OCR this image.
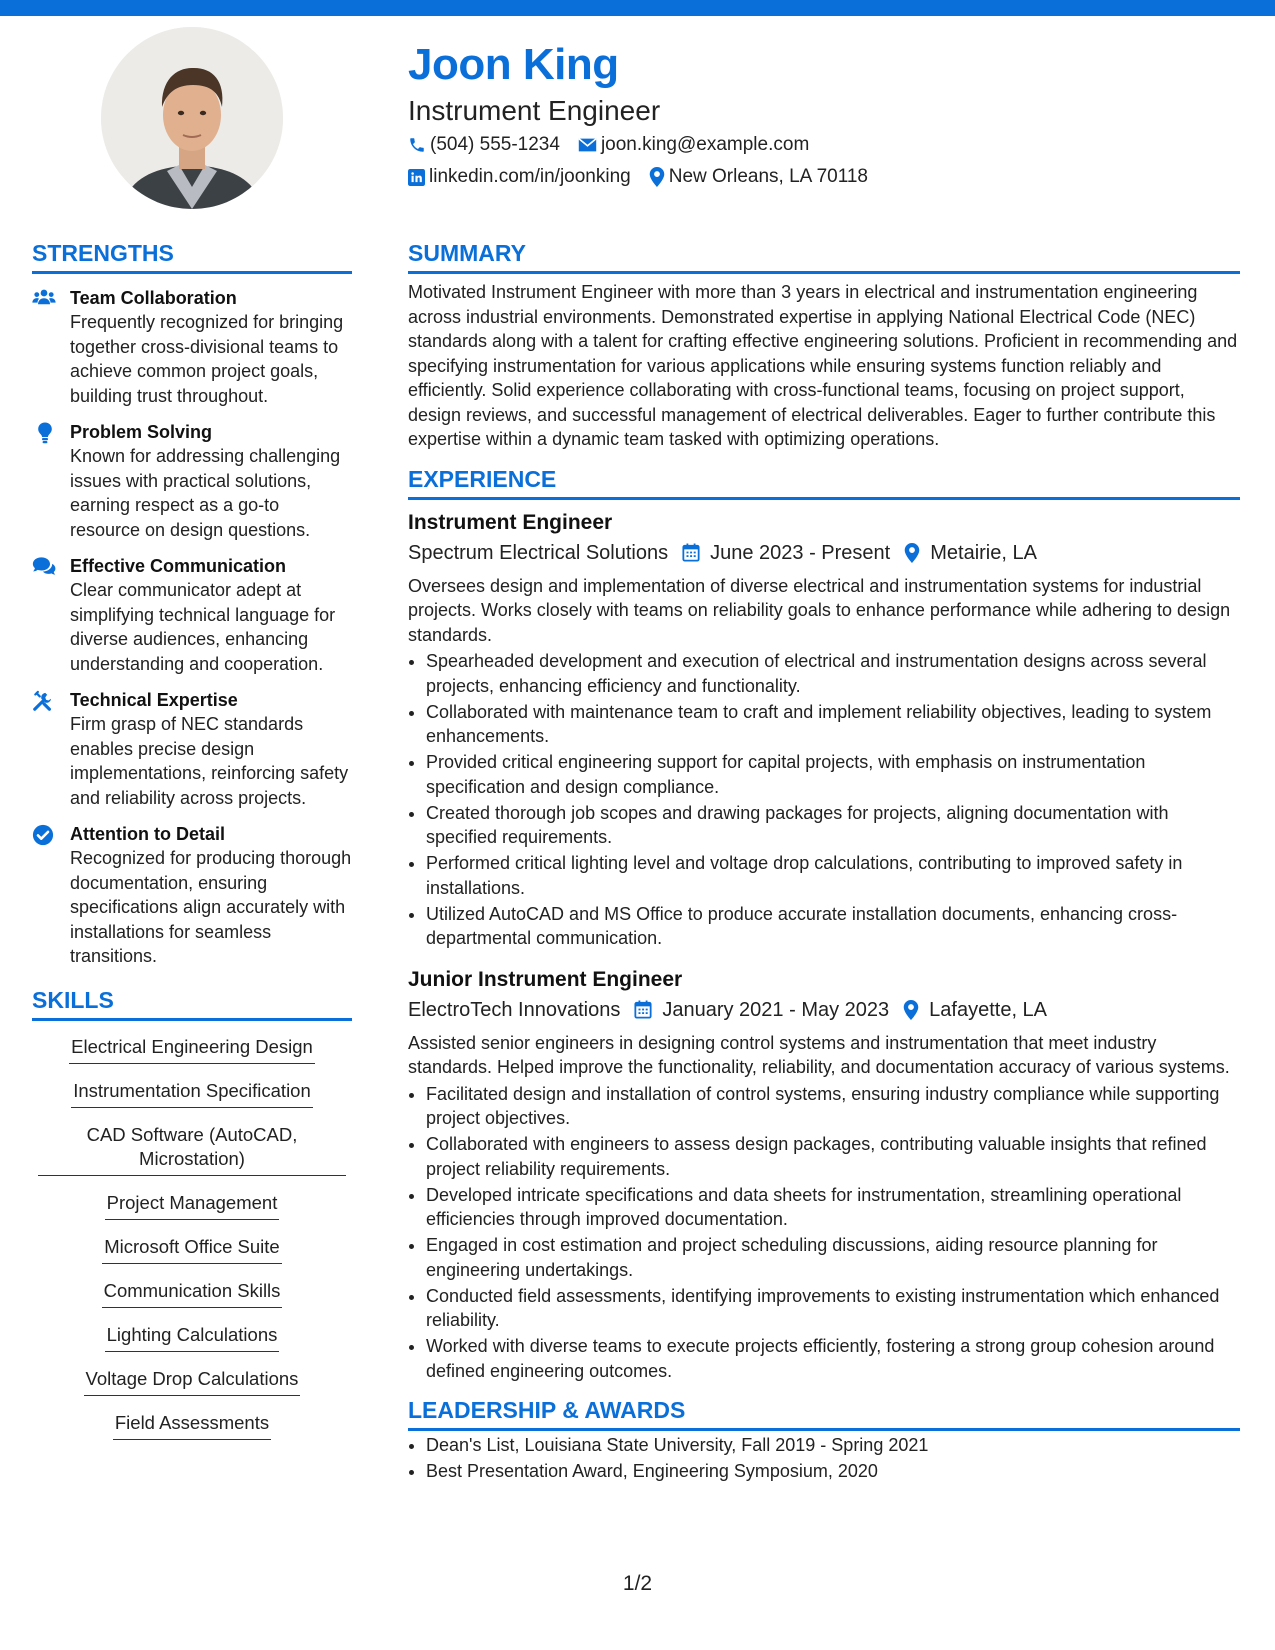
Joon King
Instrument Engineer
(504) 555-1234 joon.king@example.com
linkedin.com/in/joonking New Orleans, LA 70118
STRENGTHS
Team Collaboration
Frequently recognized for bringing together cross-divisional teams to achieve common project goals, building trust throughout.
Problem Solving
Known for addressing challenging issues with practical solutions, earning respect as a go-to resource on design questions.
Effective Communication
Clear communicator adept at simplifying technical language for diverse audiences, enhancing understanding and cooperation.
Technical Expertise
Firm grasp of NEC standards enables precise design implementations, reinforcing safety and reliability across projects.
Attention to Detail
Recognized for producing thorough documentation, ensuring specifications align accurately with installations for seamless transitions.
SKILLS
Electrical Engineering Design
Instrumentation Specification

CAD Software (AutoCAD, Microstation)
Project Management
Microsoft Office Suite
Communication Skills
Lighting Calculations
Voltage Drop Calculations
Field Assessments
SUMMARY

Motivated Instrument Engineer with more than 3 years in electrical and instrumentation engineering across industrial environments. Demonstrated expertise in applying National Electrical Code (NEC) standards along with a talent for crafting effective engineering solutions. Proficient in recommending and specifying instrumentation for various applications while ensuring systems function reliably and efficiently. Solid experience collaborating with cross-functional teams, focusing on project support, design reviews, and successful management of electrical deliverables. Eager to further contribute this expertise within a dynamic team tasked with optimizing operations.

EXPERIENCE
Instrument Engineer
Spectrum Electrical Solutions June 2023 - Present Metairie, LA

Oversees design and implementation of diverse electrical and instrumentation systems for industrial projects. Works closely with teams on reliability goals to enhance performance while adhering to design standards.

• Spearheaded development and execution of electrical and instrumentation designs across several projects, enhancing efficiency and functionality.
• Collaborated with maintenance team to craft and implement reliability objectives, leading to system enhancements.
• Provided critical engineering support for capital projects, with emphasis on instrumentation specification and design compliance.
• Created thorough job scopes and drawing packages for projects, aligning documentation with specified requirements.
• Performed critical lighting level and voltage drop calculations, contributing to improved safety in installations.
• Utilized AutoCAD and MS Office to produce accurate installation documents, enhancing cross-departmental communication.
Junior Instrument Engineer
ElectroTech Innovations January 2021 - May 2023 Lafayette, LA

Assisted senior engineers in designing control systems and instrumentation that meet industry standards. Helped improve the functionality, reliability, and documentation accuracy of various systems.

• Facilitated design and installation of control systems, ensuring industry compliance while supporting project objectives.
• Collaborated with engineers to assess design packages, contributing valuable insights that refined project reliability requirements.
• Developed intricate specifications and data sheets for instrumentation, streamlining operational efficiencies through improved documentation.
• Engaged in cost estimation and project scheduling discussions, aiding resource planning for engineering undertakings.
• Conducted field assessments, identifying improvements to existing instrumentation which enhanced reliability.
• Worked with diverse teams to execute projects efficiently, fostering a strong group cohesion around defined engineering outcomes.
LEADERSHIP & AWARDS
• Dean's List, Louisiana State University, Fall 2019 - Spring 2021
• Best Presentation Award, Engineering Symposium, 2020
1/2
